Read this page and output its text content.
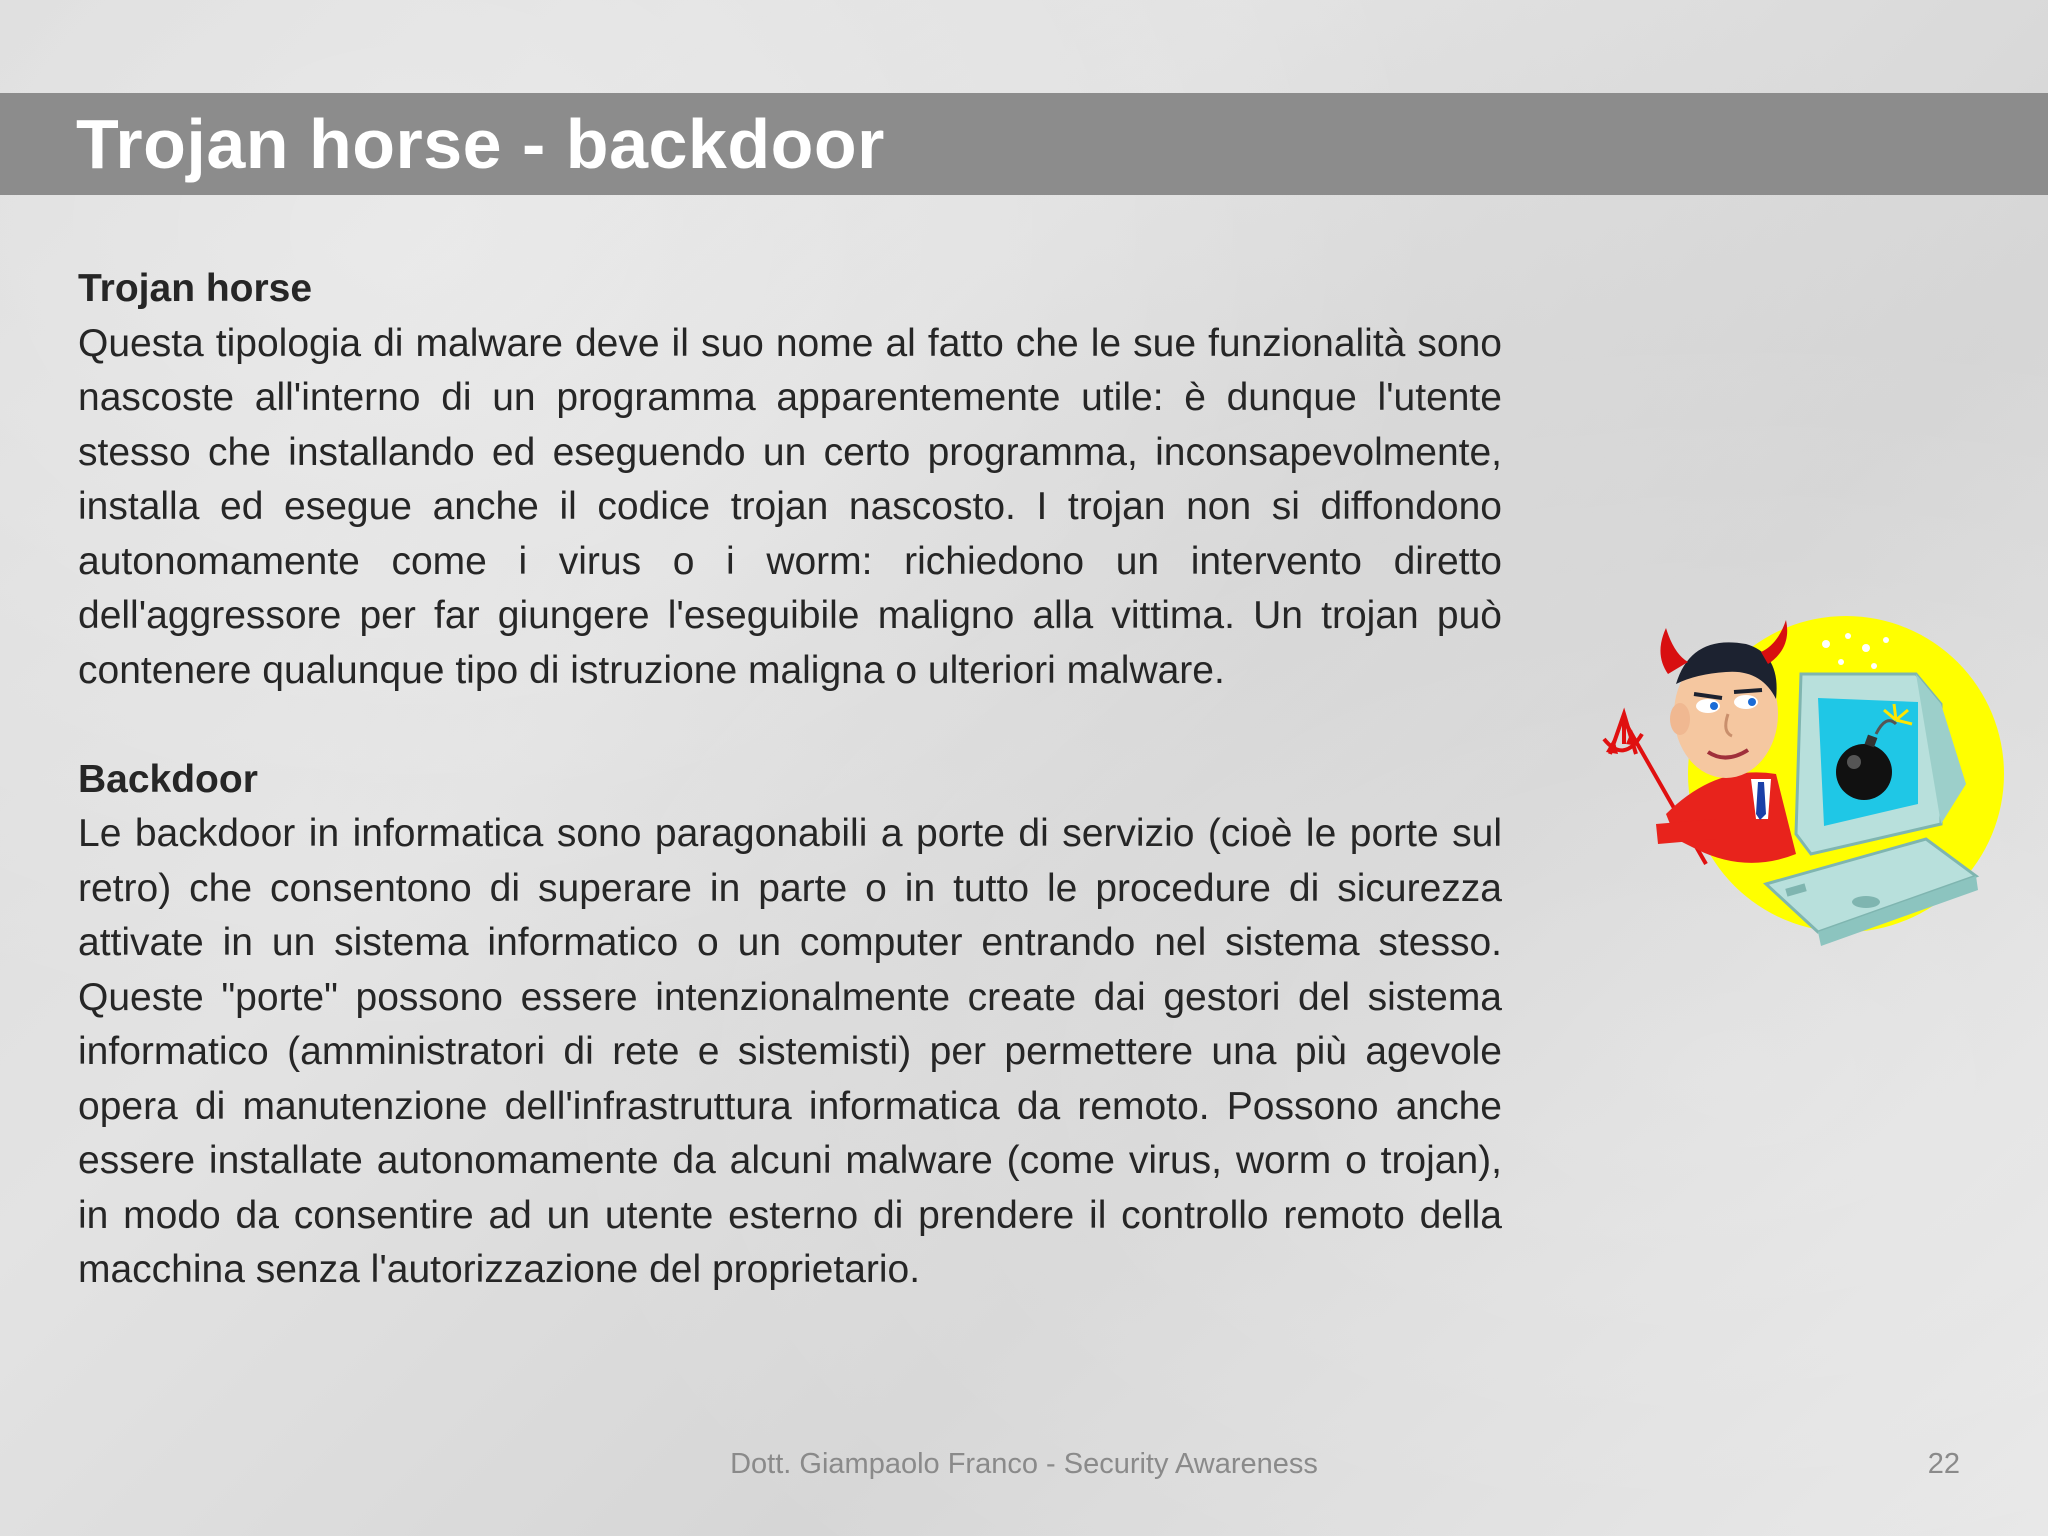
Trojan horse - backdoor

Trojan horse

Questa tipologia di malware deve il suo nome al fatto che le sue funzionalità sono nascoste all'interno di un programma apparentemente utile: è dunque l'utente stesso che installando ed eseguendo un certo programma, inconsapevolmente, installa ed esegue anche il codice trojan nascosto. I trojan non si diffondono autonomamente come i virus o i worm: richiedono un intervento diretto dell'aggressore per far giungere l'eseguibile maligno alla vittima. Un trojan può contenere qualunque tipo di istruzione maligna o ulteriori malware.

Backdoor

Le backdoor in informatica sono paragonabili a porte di servizio (cioè le porte sul retro) che consentono di superare in parte o in tutto le procedure di sicurezza attivate in un sistema informatico o un computer entrando nel sistema stesso. Queste "porte" possono essere intenzionalmente create dai gestori del sistema informatico (amministratori di rete e sistemisti) per permettere una più agevole opera di manutenzione dell'infrastruttura informatica da remoto. Possono anche essere installate autonomamente da alcuni malware (come virus, worm o trojan), in modo da consentire ad un utente esterno di prendere il controllo remoto della macchina senza l'autorizzazione del proprietario.

Dott. Giampaolo Franco - Security Awareness	22
